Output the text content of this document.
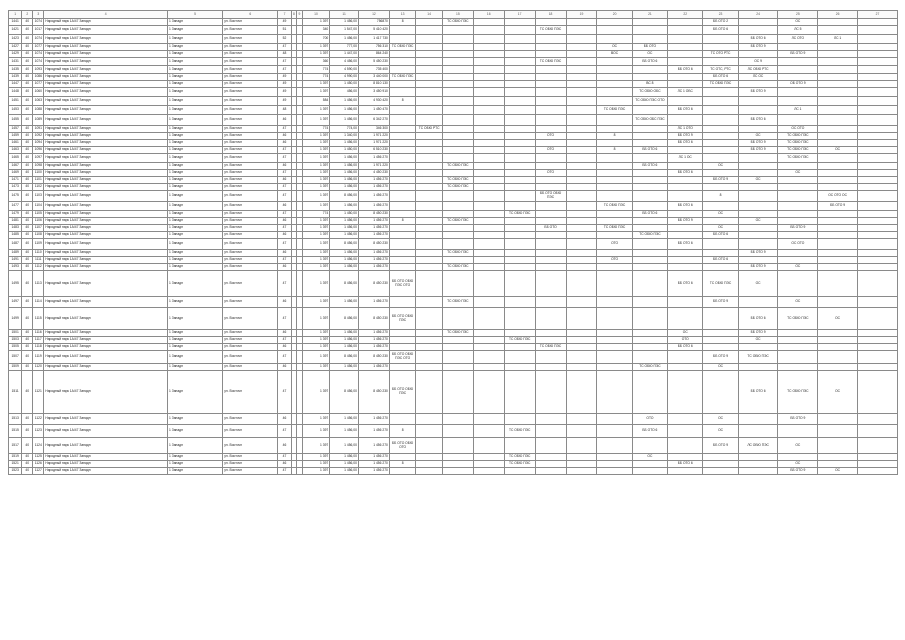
1	2	3	4	5	6	7	8	9	10	11	12	13	14	15	16	17	18	19	20	21	22	23	24	25	26	27
1441	40	1074	Народный парк 1А/47 Западн	1 Западн	ул. Восточн	49			1 397	1 456,00	756870	8		ТС ОБЮ ПЭС								ББ ОТО 2		ОС		
1421	40	1017	Народный парк 1А/47 Западн	1 Западн	ул. Восточн	51			340	1 547,00	5 410 420						ТС ОБЮ ПЭС					ББ ОТО 6		ЛС 5		
1423	40	1074	Народный парк 1А/47 Западн	1 Западн	ул. Восточн	52			700	1 456,00	1 417 730												ББ ОТО 6	ЛС ОТО	ЛС 1	
1427	40	1077	Народный парк 1А/47 Западн	1 Западн	ул. Восточн	47			1 397	777,00	756 310	ТС ОБЮ ПЭС							ОС	ББ ОТО			ББ ОТО 9			
1429	40	1074	Народный парк 1А/47 Западн	1 Западн	ул. Восточн	48			1 397	1 447,00	864 240								ВОС	ОС		ТС ОТО РТС		ББ ОТО 9		
1431	40	1074	Народный парк 1А/47 Западн	1 Западн	ул. Восточн	47			360	4 456,00	5 450 230						ТС ОБЮ ПЭС			ББ ОТО 6			ОС 9			
1435	40	1093	Народный парк 1А/47 Западн	1 Западн	ул. Восточн	47			774	4 590,00	735 400										ББ ОТО 6	ТС ОТС, РТС	ЛС ОБЮ РТС			
1439	40	1086	Народный парк 1А/47 Западн	1 Западн	ул. Восточн	49			774	4 990,00	3 440 000	ТС ОБЮ ПЭС										ББ ОТО 6	ЛС ОС			
1447	40	1077	Народный парк 1А/47 Западн	1 Западн	ул. Восточн	49			1 397	1 450,00	8 810 130									ВС 8		ТС ОБЮ ПЭС		ОБ ОТО 9		
1448	40	1060	Народный парк 1А/47 Западн	1 Западн	ул. Восточн	49			1 397	456,00	3 450 910									ТС ОБЮ ОБС	ЛС 1 ОБС		ББ ОТО 9			
1451	40	1063	Народный парк 1А/47 Западн	1 Западн	ул. Восточн	49			584	1 456,00	4 930 420	8								ТС ОБЮ ПЭС ОТО						
1453	40	1088	Народный парк 1А/47 Западн	1 Западн	ул. Восточн	48			1 397	1 456,00	1 450 470								ТС ОБЮ ПЭС		ББ ОТО 6			ЛС 1		
1455	40	1089	Народный парк 1А/47 Западн	1 Западн	ул. Восточн	46			1 397	1 456,00	6 342 270									ТС ОБЮ ОБС ПЭС			ББ ОТО 6			
1457	40	1091	Народный парк 1А/47 Западн	1 Западн	ул. Восточн	47			774	774,00	346 300		ТС ОБЮ РТС								ЛС 1 ОТО			ОС ОТО		
1459	40	1092	Народный парк 1А/47 Западн	1 Западн	ул. Восточн	46			1 397	1 340,00	1 971 220						ОТО		8		ББ ОТО 9		ОС	ТС ОБЮ ПЭС		
1461	40	1094	Народный парк 1А/47 Западн	1 Западн	ул. Восточн	46			1 397	1 456,00	1 971 220										ББ ОТО 6		ББ ОТО 9	ТС ОБЮ ПЭС		
1463	40	1096	Народный парк 1А/47 Западн	1 Западн	ул. Восточн	47			1 397	1 450,00	6 510 230						ОТО		8	ББ ОТО 6			ББ ОТО 9	ТС ОБЮ ПЭС	ОС	
1465	40	1097	Народный парк 1А/47 Западн	1 Западн	ул. Восточн	47			1 397	1 456,00	1 456 270										ЛС 1 ОС			ТС ОБЮ ПЭС		
1467	40	1098	Народный парк 1А/47 Западн	1 Западн	ул. Восточн	46			1 397	1 456,00	1 971 220			ТС ОБЮ ПЭС						ББ ОТО 6		ОС				
1469	40	1100	Народный парк 1А/47 Западн	1 Западн	ул. Восточн	47			1 397	1 456,00	4 450 230						ОТО				ББ ОТО 6			ОС		
1471	40	1101	Народный парк 1А/47 Западн	1 Западн	ул. Восточн	46			1 397	1 456,00	1 456 270			ТС ОБЮ ПЭС								ББ ОТО 9	ОС			
1473	40	1102	Народный парк 1А/47 Западн	1 Западн	ул. Восточн	47			1 397	1 456,00	1 456 270			ТС ОБЮ ПЭС												
1475	40	1103	Народный парк 1А/47 Западн	1 Западн	ул. Восточн	47			1 397	8 456,00	1 456 270						ББ ОТО ОБЮ ПЭС					8			ОС ОТО ОС	
1477	40	1104	Народный парк 1А/47 Западн	1 Западн	ул. Восточн	46			1 397	1 456,00	1 456 270								ТС ОБЮ ПЭС		ББ ОТО 6				ББ ОТО 9	
1479	40	1105	Народный парк 1А/47 Западн	1 Западн	ул. Восточн	47			774	1 450,00	8 450 230					ТС ОБЮ ПЭС				ББ ОТО 6		ОС				
1481	40	1106	Народный парк 1А/47 Западн	1 Западн	ул. Восточн	46			1 397	1 456,00	1 456 270	8		ТС ОБЮ ПЭС							ББ ОТО 9		ОС			
1483	40	1107	Народный парк 1А/47 Западн	1 Западн	ул. Восточн	47			1 397	1 456,00	1 456 270						ББ ОТО		ТС ОБЮ ПЭС			ОС		ББ ОТО 9		
1485	40	1108	Народный парк 1А/47 Западн	1 Западн	ул. Восточн	46			1 397	1 456,00	1 456 270									ТС ОБЮ ПЭС		ББ ОТО 6				
1487	40	1109	Народный парк 1А/47 Западн	1 Западн	ул. Восточн	47			1 397	8 456,00	8 450 230								ОТО		ББ ОТО 6			ОС ОТО		
1489	40	1110	Народный парк 1А/47 Западн	1 Западн	ул. Восточн	46			1 397	1 456,00	1 456 270			ТС ОБЮ ПЭС									ББ ОТО 9			
1491	40	1111	Народный парк 1А/47 Западн	1 Западн	ул. Восточн	47			1 397	1 456,00	1 456 270								ОТО			ББ ОТО 6				
1493	40	1112	Народный парк 1А/47 Западн	1 Западн	ул. Восточн	46			1 397	1 456,00	1 456 270			ТС ОБЮ ПЭС									ББ ОТО 9	ОС		
1495	40	1113	Народный парк 1А/47 Западн	1 Западн	ул. Восточн	47			1 397	8 456,00	8 450 230	ББ ОТО ОБЮ ПЭС ОТО									ББ ОТО 6	ТС ОБЮ ПЭС	ОС			
1497	40	1114	Народный парк 1А/47 Западн	1 Западн	ул. Восточн	46			1 397	1 456,00	1 456 270			ТС ОБЮ ПЭС								ББ ОТО 9		ОС		
1499	40	1115	Народный парк 1А/47 Западн	1 Западн	ул. Восточн	47			1 397	8 456,00	8 450 230	ББ ОТО ОБЮ ПЭС											ББ ОТО 6	ТС ОБЮ ПЭС	ОС	
1501	40	1116	Народный парк 1А/47 Западн	1 Западн	ул. Восточн	46			1 397	1 456,00	1 456 270			ТС ОБЮ ПЭС							ОС		ББ ОТО 9			
1503	40	1117	Народный парк 1А/47 Западн	1 Западн	ул. Восточн	47			1 397	1 456,00	1 456 270					ТС ОБЮ ПЭС					ОТО		ОС			
1505	40	1118	Народный парк 1А/47 Западн	1 Западн	ул. Восточн	46			1 397	1 456,00	1 456 270						ТС ОБЮ ПЭС				ББ ОТО 6					
1507	40	1119	Народный парк 1А/47 Западн	1 Западн	ул. Восточн	47			1 397	8 456,00	8 450 230	ББ ОТО ОБЮ ПЭС ОТО										ББ ОТО 9	ТС ОБЮ ПЭС			
1509	40	1120	Народный парк 1А/47 Западн	1 Западн	ул. Восточн	46			1 397	1 456,00	1 456 270									ТС ОБЮ ПЭС		ОС				
1511	40	1121	Народный парк 1А/47 Западн	1 Западн	ул. Восточн	47			1 397	8 456,00	8 450 230	ББ ОТО ОБЮ ПЭС											ББ ОТО 6	ТС ОБЮ ПЭС	ОС	
1513	40	1122	Народный парк 1А/47 Западн	1 Западн	ул. Восточн	46			1 397	1 456,00	1 456 270									ОТО		ОС		ББ ОТО 9		
1515	40	1123	Народный парк 1А/47 Западн	1 Западн	ул. Восточн	47			1 397	1 456,00	1 456 270	8				ТС ОБЮ ПЭС				ББ ОТО 6		ОС				
1517	40	1124	Народный парк 1А/47 Западн	1 Западн	ул. Восточн	46			1 397	1 456,00	1 456 270	ББ ОТО ОБЮ ОТО										ББ ОТО 9	ЛС ОБЮ ПЭС	ОС		
1519	40	1125	Народный парк 1А/47 Западн	1 Западн	ул. Восточн	47			1 397	1 456,00	1 456 270					ТС ОБЮ ПЭС				ОС						
1521	40	1126	Народный парк 1А/47 Западн	1 Западн	ул. Восточн	46			1 397	1 456,00	1 456 270	8				ТС ОБЮ ПЭС					ББ ОТО 6			ОС		
1523	40	1127	Народный парк 1А/47 Западн	1 Западн	ул. Восточн	47			1 397	1 456,00	1 456 270													ББ ОТО 9	ОС	
